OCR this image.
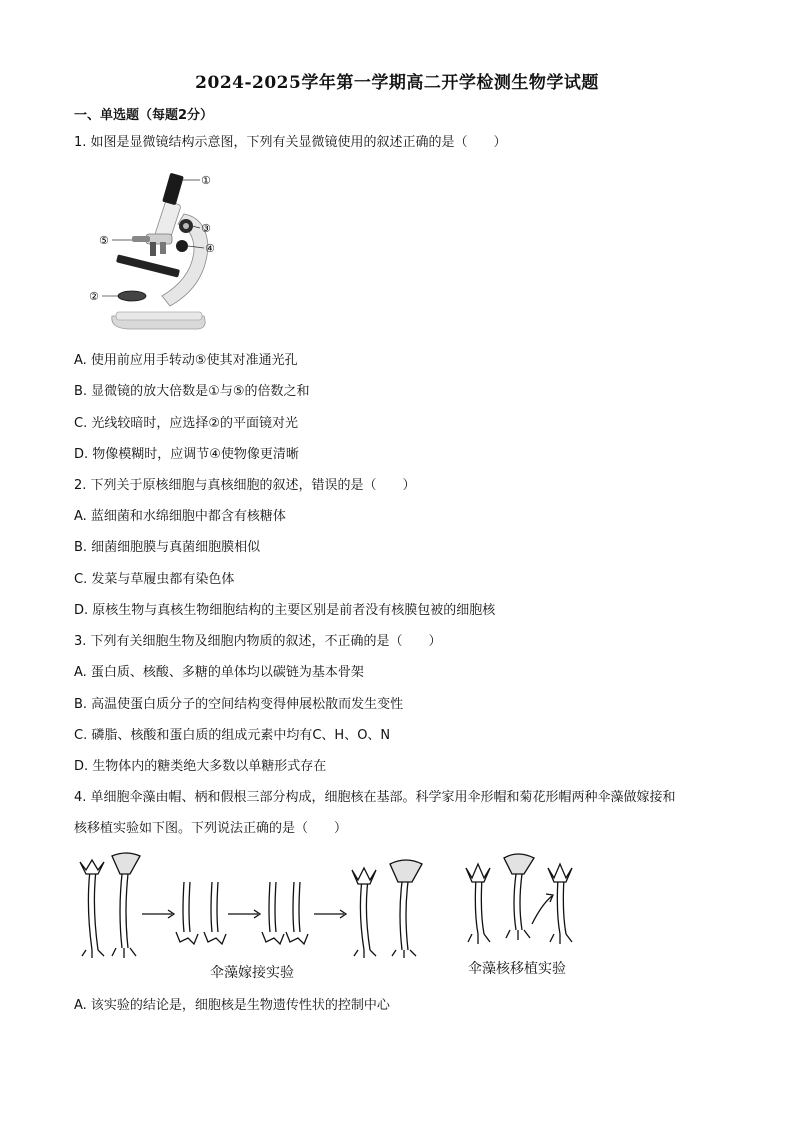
2024-2025学年第一学期高二开学检测生物学试题
一、单选题（每题2分）
1. 如图是显微镜结构示意图，下列有关显微镜使用的叙述正确的是（　　）
①
③
④
⑤
②
A. 使用前应用手转动⑤使其对准通光孔
B. 显微镜的放大倍数是①与⑤的倍数之和
C. 光线较暗时，应选择②的平面镜对光
D. 物像模糊时，应调节④使物像更清晰
2. 下列关于原核细胞与真核细胞的叙述，错误的是（　　）
A. 蓝细菌和水绵细胞中都含有核糖体
B. 细菌细胞膜与真菌细胞膜相似
C. 发菜与草履虫都有染色体
D. 原核生物与真核生物细胞结构的主要区别是前者没有核膜包被的细胞核
3. 下列有关细胞生物及细胞内物质的叙述，不正确的是（　　）
A. 蛋白质、核酸、多糖的单体均以碳链为基本骨架
B. 高温使蛋白质分子的空间结构变得伸展松散而发生变性
C. 磷脂、核酸和蛋白质的组成元素中均有C、H、O、N
D. 生物体内的糖类绝大多数以单糖形式存在
4. 单细胞伞藻由帽、柄和假根三部分构成，细胞核在基部。科学家用伞形帽和菊花形帽两种伞藻做嫁接和
核移植实验如下图。下列说法正确的是（　　）
伞藻嫁接实验	伞藻核移植实验
A. 该实验的结论是，细胞核是生物遗传性状的控制中心
